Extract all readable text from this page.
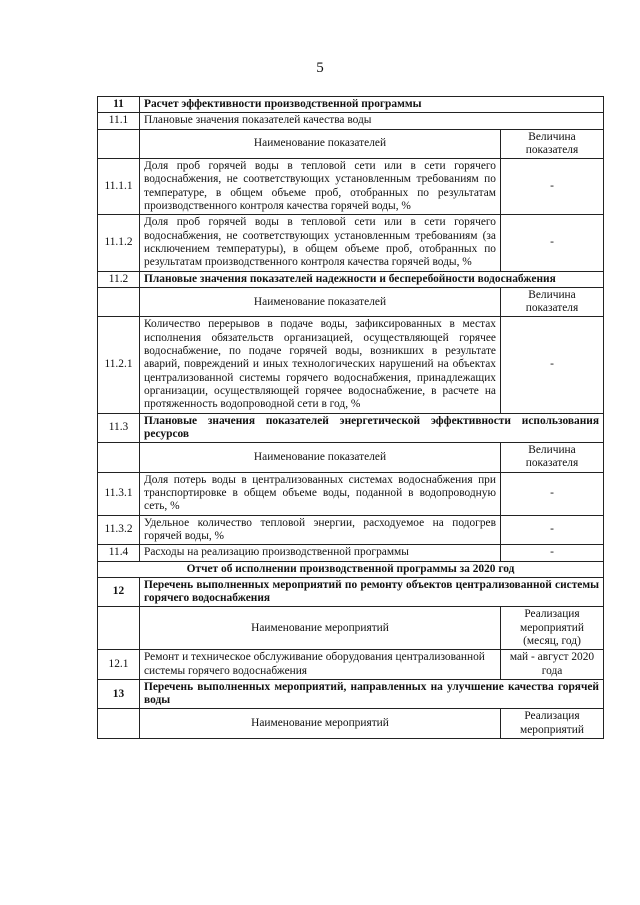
5
11	Расчет эффективности производственной программы	
11.1	Плановые значения показателей качества воды	
	Наименование показателей	Величина показателя
11.1.1	Доля проб горячей воды в тепловой сети или в сети горячего водоснабжения, не соответствующих установленным требованиям по температуре, в общем объеме проб, отобранных по результатам производственного контроля качества горячей воды, %	-
11.1.2	Доля проб горячей воды в тепловой сети или в сети горячего водоснабжения, не соответствующих установленным требованиям (за исключением температуры), в общем объеме проб, отобранных по результатам производственного контроля качества горячей воды, %	-
11.2	Плановые значения показателей надежности и бесперебойности водоснабжения	
	Наименование показателей	Величина показателя
11.2.1	Количество перерывов в подаче воды, зафиксированных в местах исполнения обязательств организацией, осуществляющей горячее водоснабжение, по подаче горячей воды, возникших в результате аварий, повреждений и иных технологических нарушений на объектах централизованной системы горячего водоснабжения, принадлежащих организации, осуществляющей горячее водоснабжение, в расчете на протяженность водопроводной сети в год, %	-
11.3	Плановые значения показателей энергетической эффективности использования ресурсов	
	Наименование показателей	Величина показателя
11.3.1	Доля потерь воды в централизованных системах водоснабжения при транспортировке в общем объеме воды, поданной в водопроводную сеть, %	-
11.3.2	Удельное количество тепловой энергии, расходуемое на подогрев горячей воды, %	-
11.4	Расходы на реализацию производственной программы	-
Отчет об исполнении производственной программы за 2020 год		
12	Перечень выполненных мероприятий по ремонту объектов централизованной системы горячего водоснабжения	
	Наименование мероприятий	Реализация мероприятий (месяц, год)
12.1	Ремонт и техническое обслуживание оборудования централизованной системы горячего водоснабжения	май - август 2020 года
13	Перечень выполненных мероприятий, направленных на улучшение качества горячей воды	
	Наименование мероприятий	Реализация мероприятий
